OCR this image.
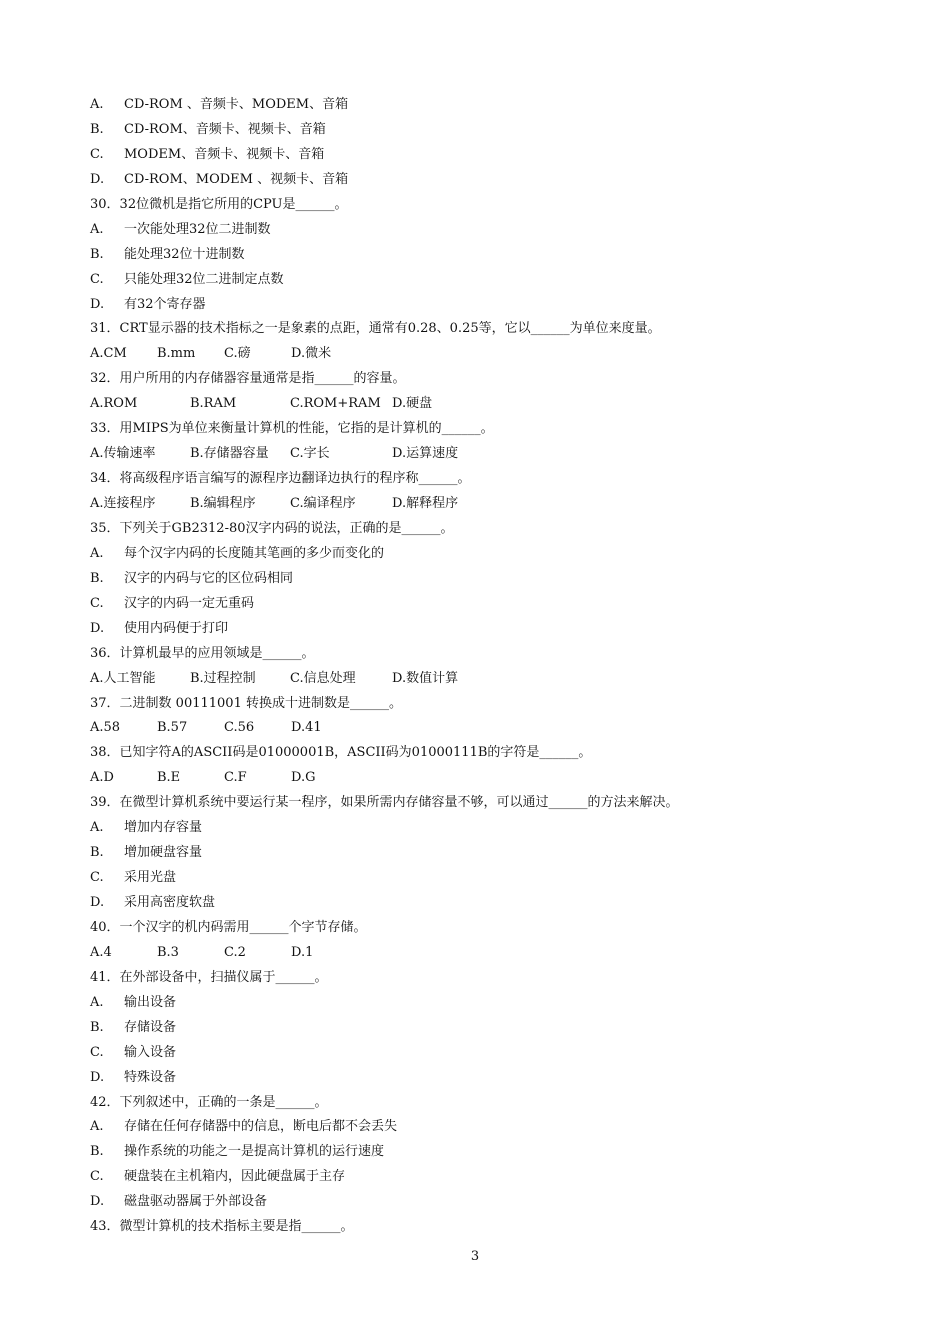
A. CD-ROM 、音频卡、MODEM、音箱
B. CD-ROM、音频卡、视频卡、音箱
C. MODEM、音频卡、视频卡、音箱
D. CD-ROM、MODEM 、视频卡、音箱
30．32位微机是指它所用的CPU是______。
A. 一次能处理32位二进制数
B. 能处理32位十进制数
C. 只能处理32位二进制定点数
D. 有32个寄存器
31．CRT显示器的技术指标之一是象素的点距，通常有0.28、0.25等，它以______为单位来度量。
A.CM B.mm C.磅	D.微米
32．用户所用的内存储器容量通常是指______的容量。
A.ROM	B.RAM	C.ROM+RAM D.硬盘
33．用MIPS为单位来衡量计算机的性能，它指的是计算机的______。
A.传输速率	B.存储器容量 C.字长	D.运算速度
34．将高级程序语言编写的源程序边翻译边执行的程序称______。
A.连接程序	B.编辑程序	C.编译程序	D.解释程序
35．下列关于GB2312-80汉字内码的说法，正确的是______。
A. 每个汉字内码的长度随其笔画的多少而变化的
B. 汉字的内码与它的区位码相同
C. 汉字的内码一定无重码
D. 使用内码便于打印
36．计算机最早的应用领域是______。
A.人工智能	B.过程控制	C.信息处理	D.数值计算
37．二进制数 00111001 转换成十进制数是______。
A.58	B.57	C.56	D.41
38．已知字符A的ASCII码是01000001B，ASCII码为01000111B的字符是______。
A.D	B.E	C.F	D.G
39．在微型计算机系统中要运行某一程序，如果所需内存储容量不够，可以通过______的方法来解决。
A. 增加内存容量
B. 增加硬盘容量
C. 采用光盘
D. 采用高密度软盘
40．一个汉字的机内码需用______个字节存储。
A.4	B.3	C.2	D.1
41．在外部设备中，扫描仪属于______。
A. 输出设备
B. 存储设备
C. 输入设备
D. 特殊设备
42．下列叙述中，正确的一条是______。
A. 存储在任何存储器中的信息，断电后都不会丢失
B. 操作系统的功能之一是提高计算机的运行速度
C. 硬盘装在主机箱内，因此硬盘属于主存
D. 磁盘驱动器属于外部设备
43．微型计算机的技术指标主要是指______。
3
